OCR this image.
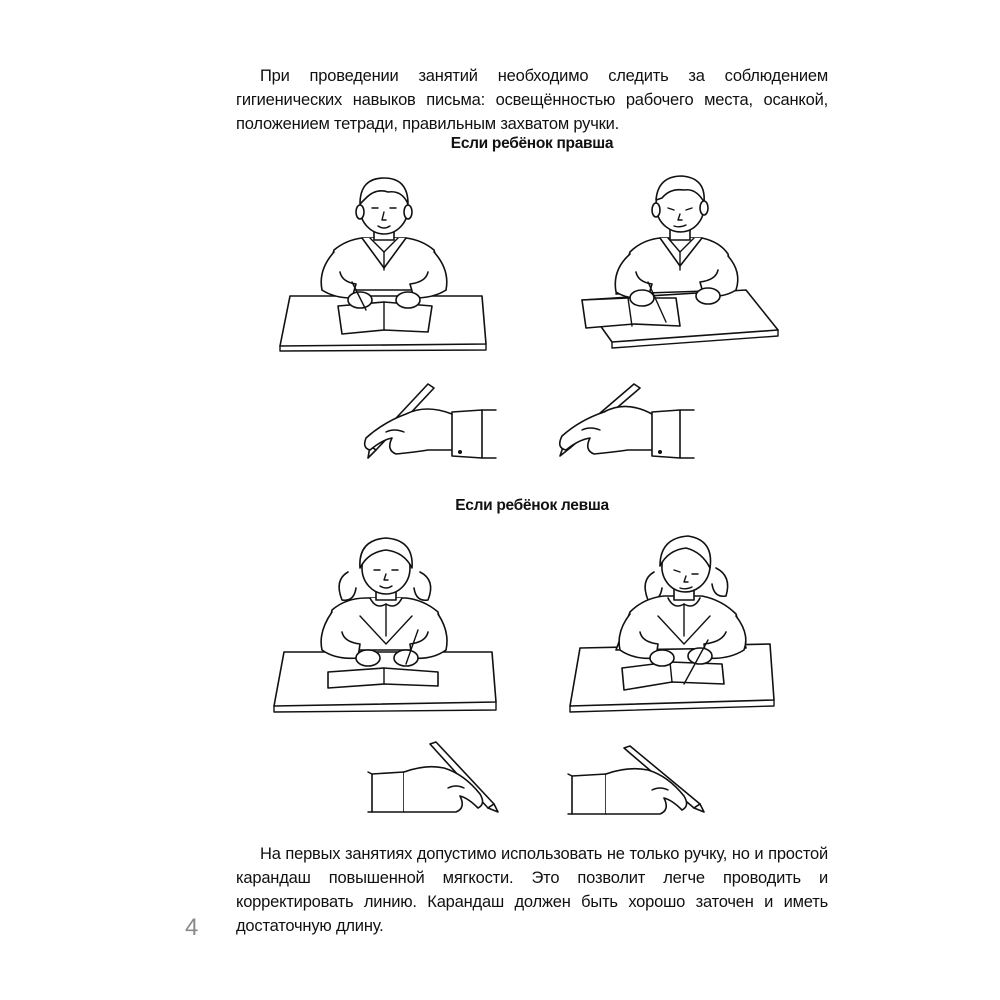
При проведении занятий необходимо следить за соблюдением гигиенических навыков письма: освещённостью рабочего места, осанкой, положением тетради, правильным захватом ручки.

Если ребёнок правша
Если ребёнок левша

На первых занятиях допустимо использовать не только ручку, но и простой карандаш повышенной мягкости. Это позволит легче проводить и корректировать линию. Карандаш должен быть хорошо заточен и иметь достаточную длину.

4
